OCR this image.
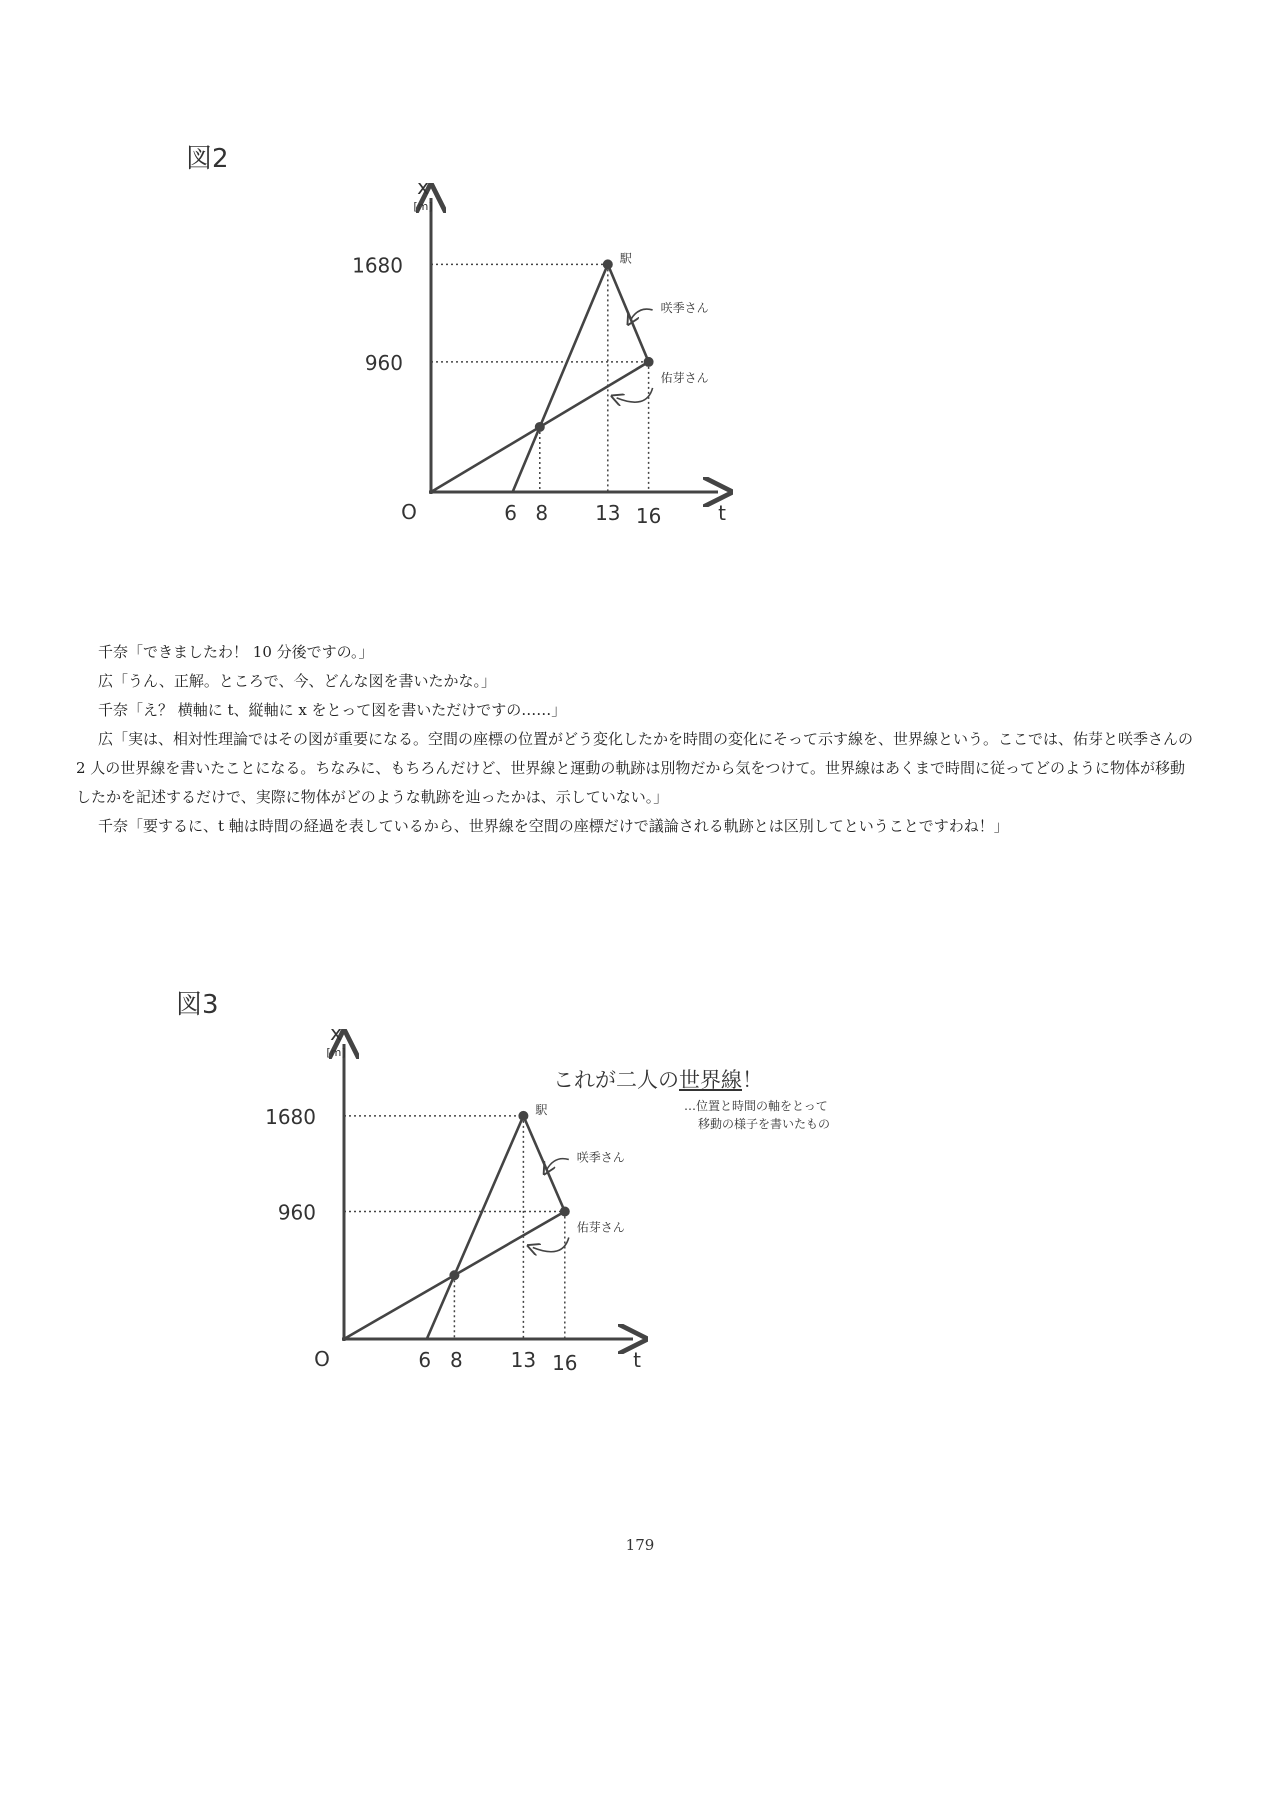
図2
x
[m]
t
O
1680
960
6 8 13 16
駅
咲季さん
佑芽さん

千奈「できましたわ！ 10 分後ですの。」

広「うん、正解。ところで、今、どんな図を書いたかな。」

千奈「え？ 横軸に t、縦軸に x をとって図を書いただけですの……」

広「実は、相対性理論ではその図が重要になる。空間の座標の位置がどう変化したかを時間の変化にそって示す線を、世界線という。ここでは、佑芽と咲季さんの 2 人の世界線を書いたことになる。ちなみに、もちろんだけど、世界線と運動の軌跡は別物だから気をつけて。世界線はあくまで時間に従ってどのように物体が移動したかを記述するだけで、実際に物体がどのような軌跡を辿ったかは、示していない。」

千奈「要するに、t 軸は時間の経過を表しているから、世界線を空間の座標だけで議論される軌跡とは区別してということですわね！」

図3
x
[m]
t
O
1680
960
6 8 13 16
駅
咲季さん
佑芽さん
これが二人の世界線！
…位置と時間の軸をとって
移動の様子を書いたもの
179
